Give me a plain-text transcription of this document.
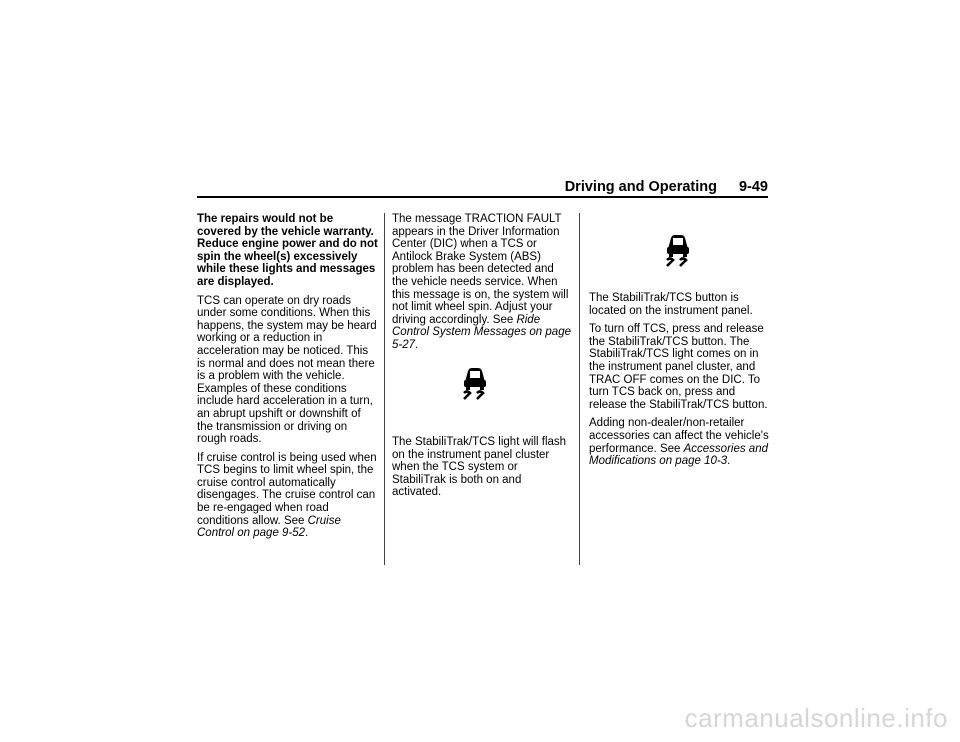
Driving and Operating 9-49

The repairs would not be covered by the vehicle warranty. Reduce engine power and do not spin the wheel(s) excessively while these lights and messages are displayed.

TCS can operate on dry roads under some conditions. When this happens, the system may be heard working or a reduction in acceleration may be noticed. This is normal and does not mean there is a problem with the vehicle. Examples of these conditions include hard acceleration in a turn, an abrupt upshift or downshift of the transmission or driving on rough roads.

If cruise control is being used when TCS begins to limit wheel spin, the cruise control automatically disengages. The cruise control can be re-engaged when road conditions allow. See Cruise Control on page 9-52.

The message TRACTION FAULT appears in the Driver Information Center (DIC) when a TCS or Antilock Brake System (ABS) problem has been detected and the vehicle needs service. When this message is on, the system will not limit wheel spin. Adjust your driving accordingly. See Ride Control System Messages on page 5-27.

The StabiliTrak/TCS light will flash on the instrument panel cluster when the TCS system or StabiliTrak is both on and activated.

The StabiliTrak/TCS button is located on the instrument panel.

To turn off TCS, press and release the StabiliTrak/TCS button. The StabiliTrak/TCS light comes on in the instrument panel cluster, and TRAC OFF comes on the DIC. To turn TCS back on, press and release the StabiliTrak/TCS button.

Adding non-dealer/non-retailer accessories can affect the vehicle's performance. See Accessories and Modifications on page 10-3.

carmanualsonline.info
